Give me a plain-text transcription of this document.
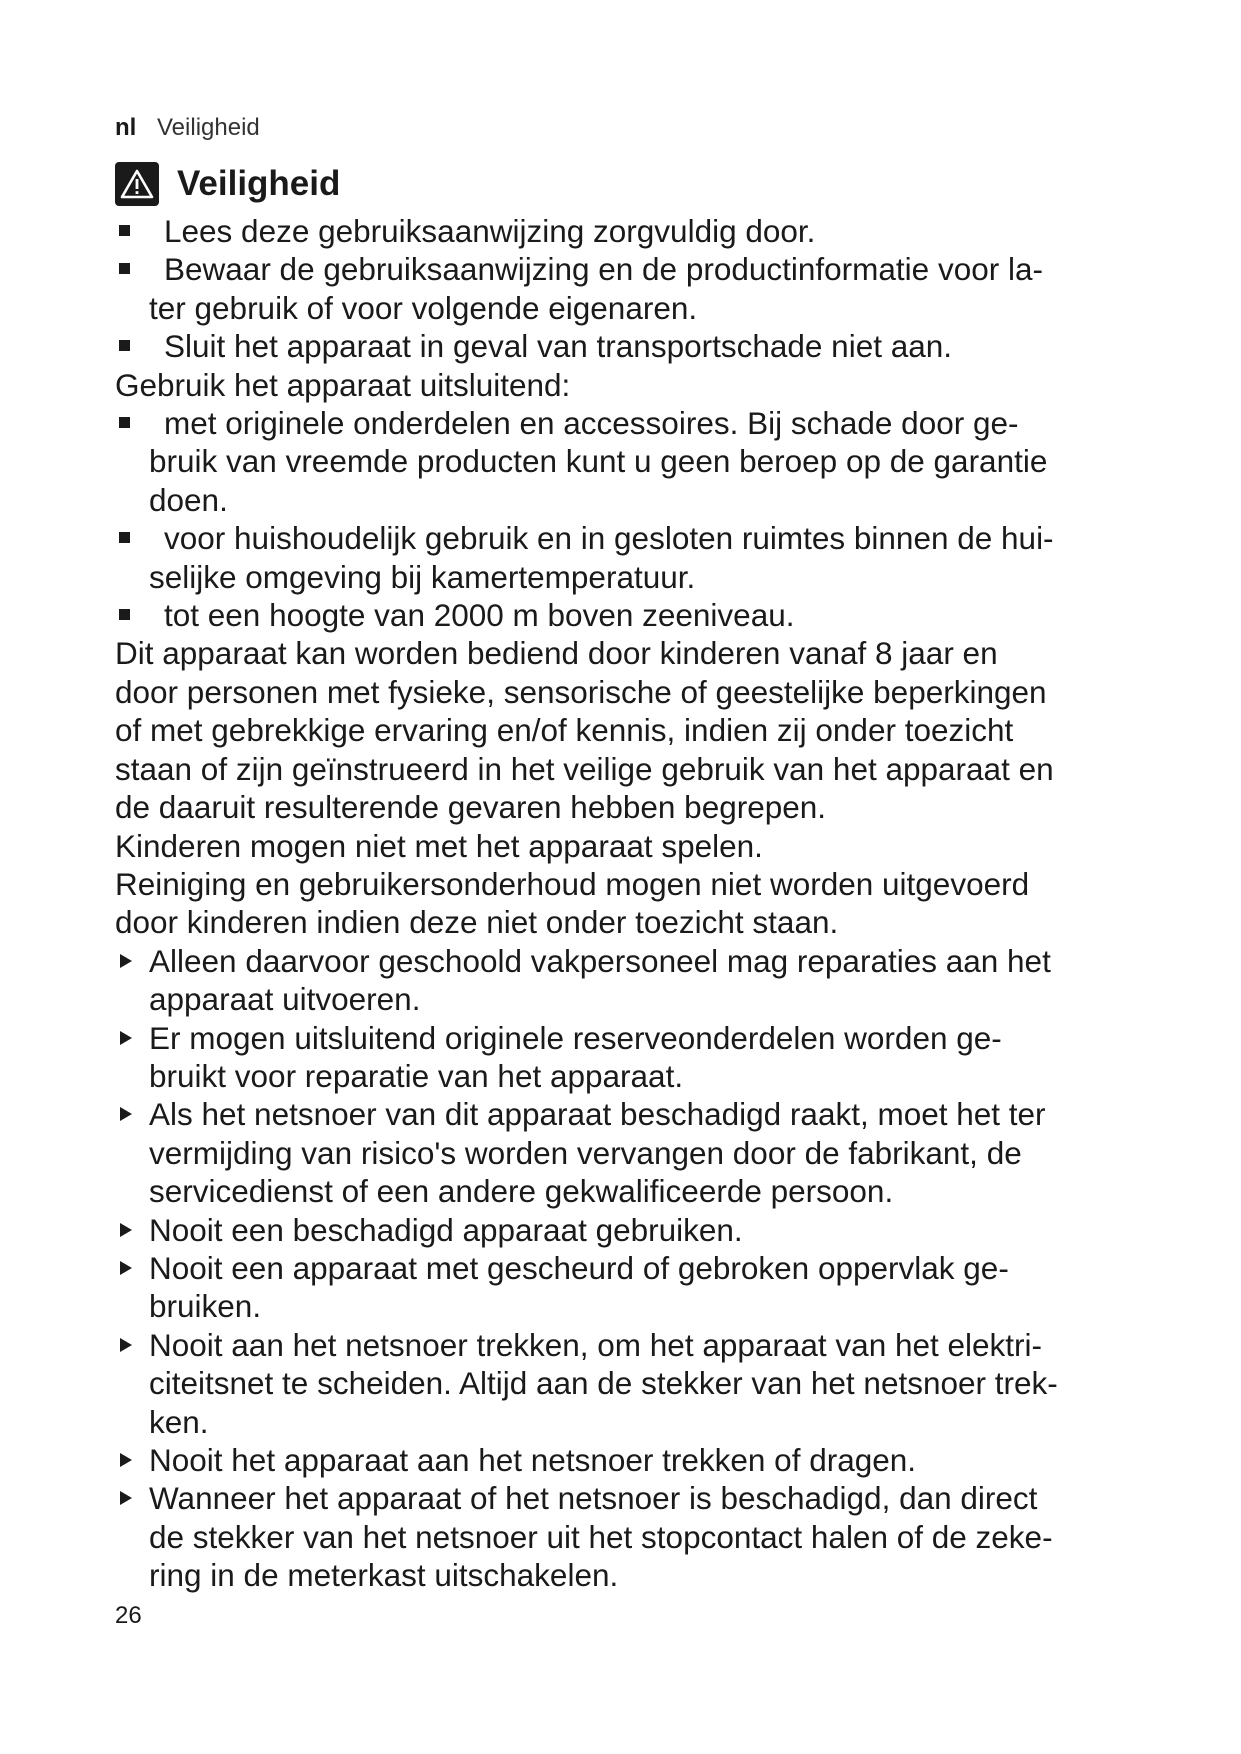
nl Veiligheid
Veiligheid
Lees deze gebruiksaanwijzing zorgvuldig door.
Bewaar de gebruiksaanwijzing en de productinformatie voor la-
ter gebruik of voor volgende eigenaren.
Sluit het apparaat in geval van transportschade niet aan.

Gebruik het apparaat uitsluitend:

met originele onderdelen en accessoires. Bij schade door ge-
bruik van vreemde producten kunt u geen beroep op de garantie
doen.
voor huishoudelijk gebruik en in gesloten ruimtes binnen de hui-
selijke omgeving bij kamertemperatuur.
tot een hoogte van 2000 m boven zeeniveau.

Dit apparaat kan worden bediend door kinderen vanaf 8 jaar en
door personen met fysieke, sensorische of geestelijke beperkingen
of met gebrekkige ervaring en/of kennis, indien zij onder toezicht
staan of zijn geïnstrueerd in het veilige gebruik van het apparaat en
de daaruit resulterende gevaren hebben begrepen.

Kinderen mogen niet met het apparaat spelen.

Reiniging en gebruikersonderhoud mogen niet worden uitgevoerd
door kinderen indien deze niet onder toezicht staan.

Alleen daarvoor geschoold vakpersoneel mag reparaties aan het
apparaat uitvoeren.
Er mogen uitsluitend originele reserveonderdelen worden ge-
bruikt voor reparatie van het apparaat.
Als het netsnoer van dit apparaat beschadigd raakt, moet het ter
vermijding van risico's worden vervangen door de fabrikant, de
servicedienst of een andere gekwalificeerde persoon.
Nooit een beschadigd apparaat gebruiken.
Nooit een apparaat met gescheurd of gebroken oppervlak ge-
bruiken.
Nooit aan het netsnoer trekken, om het apparaat van het elektri-
citeitsnet te scheiden. Altijd aan de stekker van het netsnoer trek-
ken.
Nooit het apparaat aan het netsnoer trekken of dragen.
Wanneer het apparaat of het netsnoer is beschadigd, dan direct
de stekker van het netsnoer uit het stopcontact halen of de zeke-
ring in de meterkast uitschakelen.
26
